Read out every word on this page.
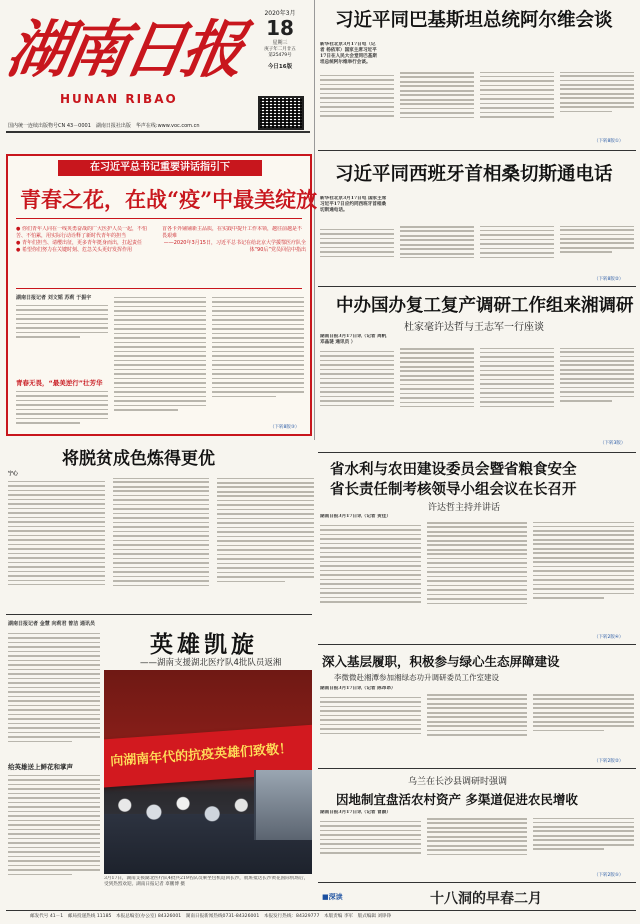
湖南日报
HUNAN RIBAO
2020年3月
18
星期三
庚子年二月廿五
第25479号
今日16版
国内统一连续出版物号CN 43－0001　湖南日报社出版　华声在线:www.voc.com.cn
习近平同巴基斯坦总统阿尔维会谈
新华社北京3月17日电（记者 杨依军）国家主席习近平17日在人民大会堂同巴基斯坦总统阿尔维举行会谈。
（下转8版①）
习近平同西班牙首相桑切斯通电话
新华社北京3月17日电 国家主席习近平17日应约同西班牙首相桑切斯通电话。
（下转8版②）
中办国办复工复产调研工作组来湘调研
杜家毫许达哲与王志军一行座谈
湖南日报3月17日讯（记者 周帆 邓晶琎 通讯员 ）
（下转3版）
在习近平总书记重要讲话指引下
青春之花，在战“疫”中最美绽放
● 你们青年人同在一线英勇奋战的广大医护人员一起，不怕苦、不怕累，用实际行动诠释了新时代青年的担当
● 青年们担当、请缨出征，更多青年挺身而出，扛起责任
● 希望你们努力在关键时刻、危急关头更好发挥作用
首各卡外铺铺新主品质，在实践中提升工作本领，越往前越是不畏艰难
——2020年3月15日，习近平总书记在给北京大学援鄂医疗队全体“90后”党员回信中指出
湖南日报记者 刘文韬 苏莉 于振宇
青春无畏，“最美逆行”壮芳华
（下转8版③）
将脱贫成色炼得更优
宁心	省水利与农田建设委员会暨省粮食安全
省长责任制考核领导小组会议在长召开
许达哲主持并讲话
湖南日报3月17日讯（记者 贺佳）
（下转2版④）
深入基层履职，积极参与绿心生态屏障建设
李微微赴湘潭参加湘绿态功升调研委员工作室建设
湖南日报3月17日讯（记者 陈昂昂）
（下转2版②）
乌兰在长沙县调研时强调
因地制宜盘活农村资产 多渠道促进农民增收
湖南日报3月17日讯（记者 冒蕻）
（下转2版⑤）
■深读	十八洞的早春二月
湖南日报记者 金慧 向莉君 曾洁 通讯员
英雄凯旋
——湖南支援湖北医疗队4批队员返湘
向湖南年代的抗疫英雄们致敬！
3月17日，湖南支援湖北医疗队4批共219名队员乘坐包机返回长沙，航班抵达长沙黄花国际机场后，受到热烈欢迎。湖南日报记者 辜鹏博 摄
给英雄送上鲜花和掌声
邮发代号 41－1　邮局投递热线 11185　本报总编室(办公室) 84326001　湖南日报新闻热线0731-84326001　本报发行热线：84329777　本版责编 李军　版式编辑 刘铮铮
